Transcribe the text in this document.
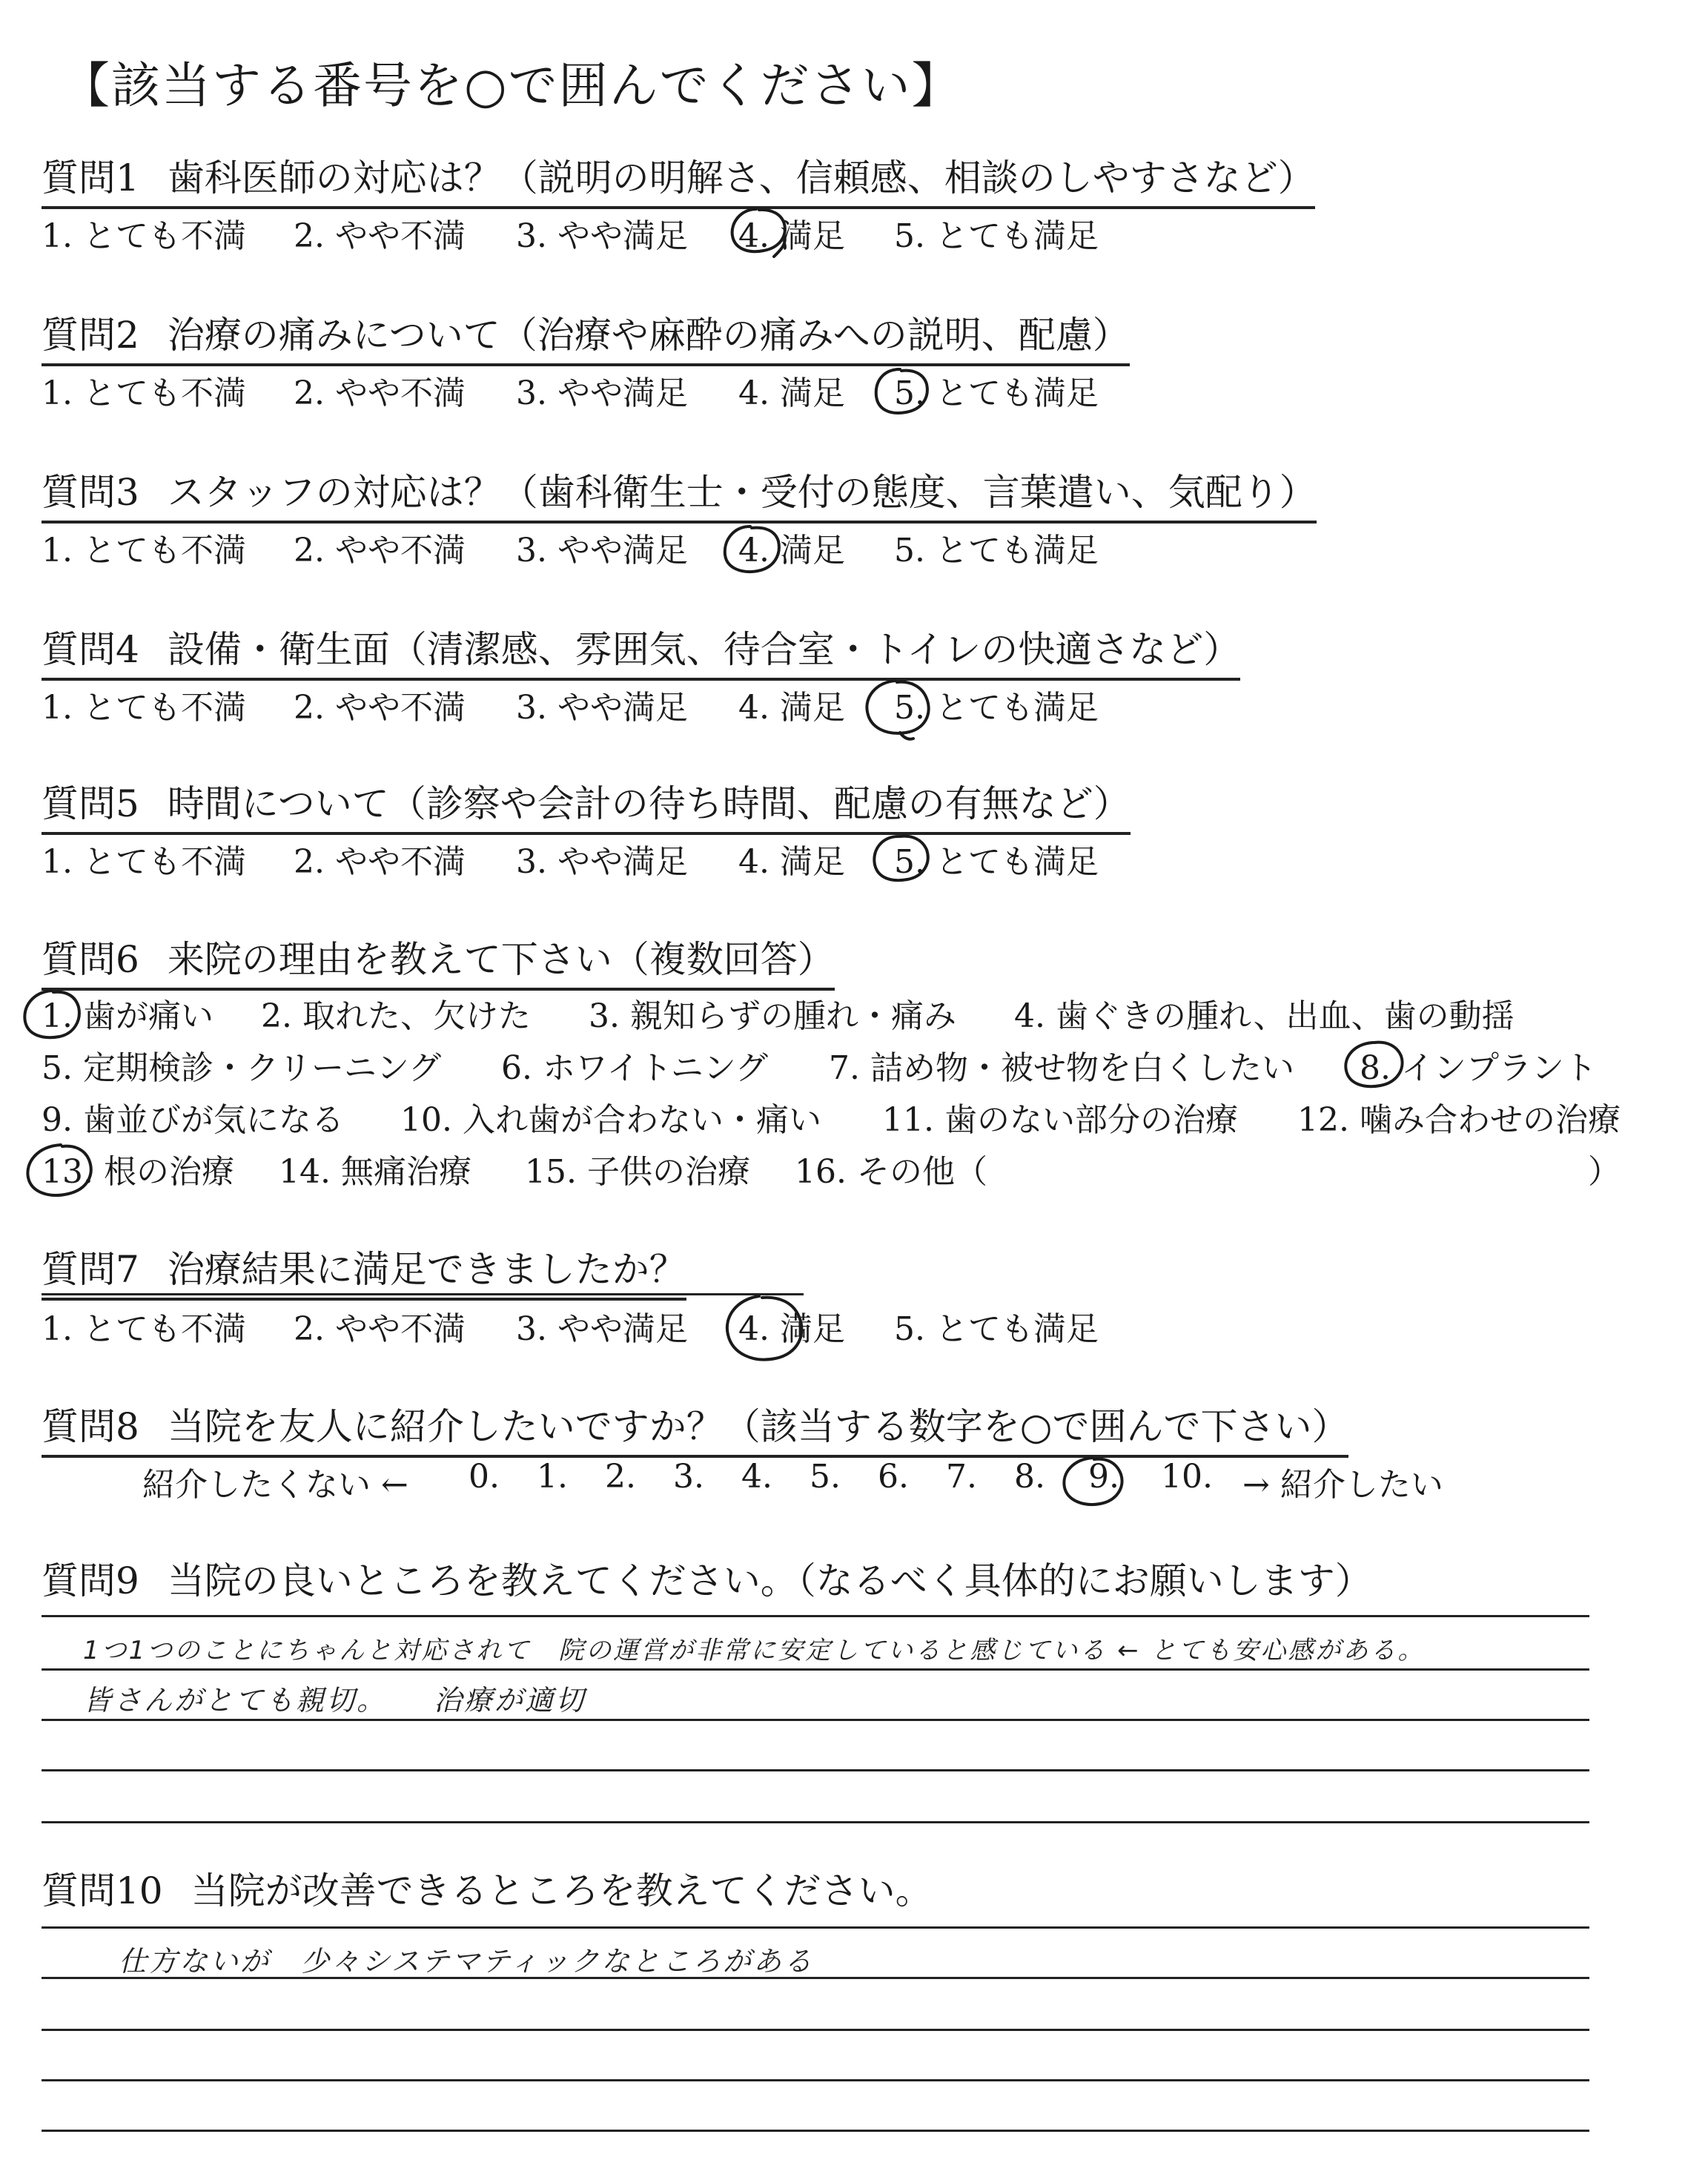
【該当する番号を○で囲んでください】
質問1 歯科医師の対応は？（説明の明解さ、信頼感、相談のしやすさなど）
1. とても不満 2. やや不満 3. やや満足 4. 満足 5. とても満足
質問2 治療の痛みについて（治療や麻酔の痛みへの説明、配慮）
1. とても不満 2. やや不満 3. やや満足 4. 満足 5. とても満足
質問3 スタッフの対応は？（歯科衛生士・受付の態度、言葉遣い、気配り）
1. とても不満 2. やや不満 3. やや満足 4. 満足 5. とても満足
質問4 設備・衛生面（清潔感、雰囲気、待合室・トイレの快適さなど）
1. とても不満 2. やや不満 3. やや満足 4. 満足 5. とても満足
質問5 時間について（診察や会計の待ち時間、配慮の有無など）
1. とても不満 2. やや不満 3. やや満足 4. 満足 5. とても満足
質問6 来院の理由を教えて下さい（複数回答）
1. 歯が痛い 2. 取れた、欠けた 3. 親知らずの腫れ・痛み 4. 歯ぐきの腫れ、出血、歯の動揺
5. 定期検診・クリーニング 6. ホワイトニング 7. 詰め物・被せ物を白くしたい 8. インプラント
9. 歯並びが気になる 10. 入れ歯が合わない・痛い 11. 歯のない部分の治療 12. 噛み合わせの治療
13. 根の治療 14. 無痛治療 15. 子供の治療 16. その他（	）
質問7 治療結果に満足できましたか？
1. とても不満 2. やや不満 3. やや満足 4. 満足 5. とても満足
質問8 当院を友人に紹介したいですか？（該当する数字を○で囲んで下さい）
紹介したくない ← 0. 1. 2. 3. 4. 5. 6. 7. 8. 9. 10. → 紹介したい
質問9 当院の良いところを教えてください。（なるべく具体的にお願いします）
1つ1つのことにちゃんと対応されて　院の運営が非常に安定していると感じている ← とても安心感がある。
皆さんがとても親切。　　治療が適切
質問10 当院が改善できるところを教えてください。
仕方ないが　少々システマティックなところがある
